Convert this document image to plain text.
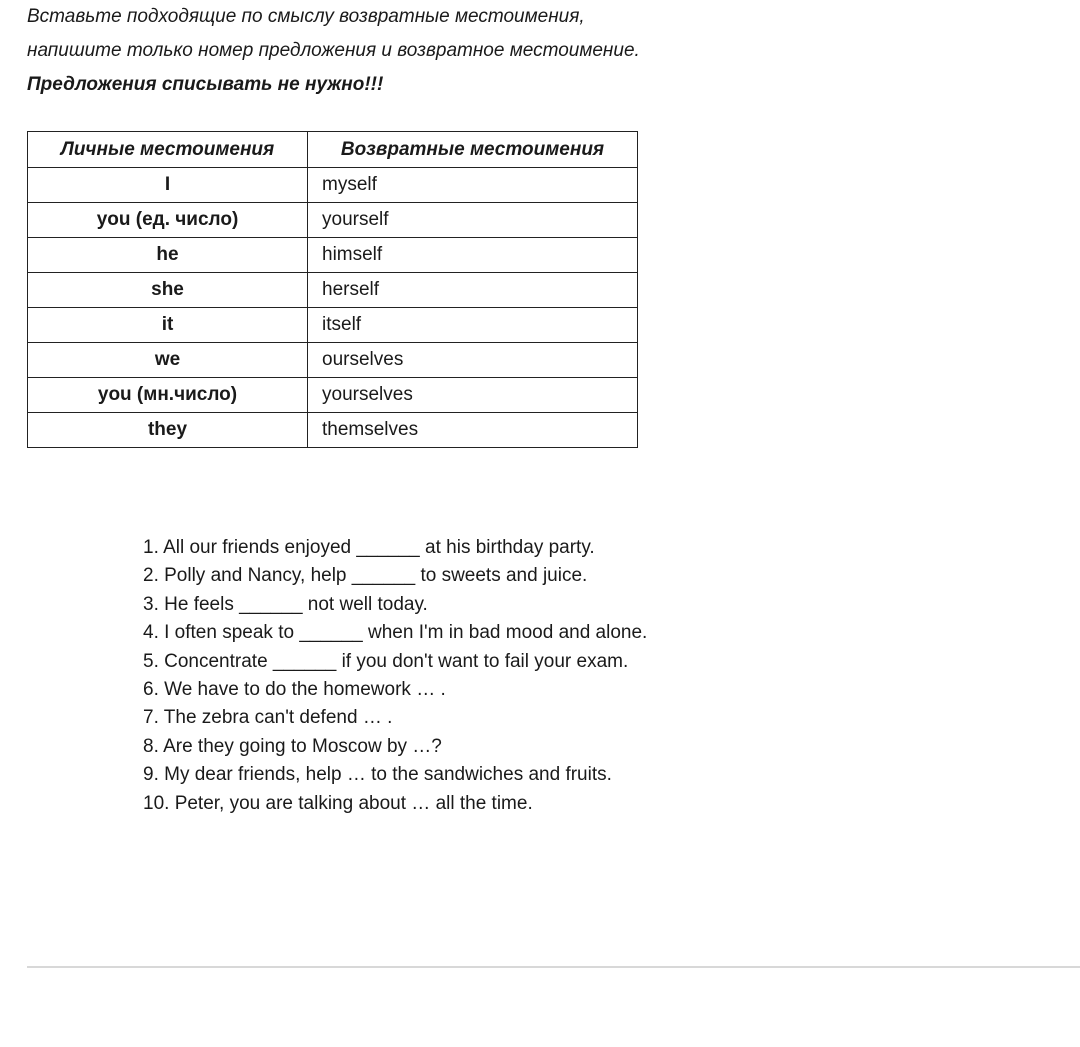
Вставьте подходящие по смыслу возвратные местоимения,
напишите только номер предложения и возвратное местоимение.
Предложения списывать не нужно!!!
Личные местоимения	Возвратные местоимения
I	myself
you (ед. число)	yourself
he	himself
she	herself
it	itself
we	ourselves
you (мн.число)	yourselves
they	themselves
1. All our friends enjoyed ______ at his birthday party.
2. Polly and Nancy, help ______ to sweets and juice.
3. He feels ______ not well today.
4. I often speak to ______ when I'm in bad mood and alone.
5. Concentrate ______ if you don't want to fail your exam.
6. We have to do the homework … .
7. The zebra can't defend … .
8. Are they going to Moscow by …?
9. My dear friends, help … to the sandwiches and fruits.
10. Peter, you are talking about … all the time.
